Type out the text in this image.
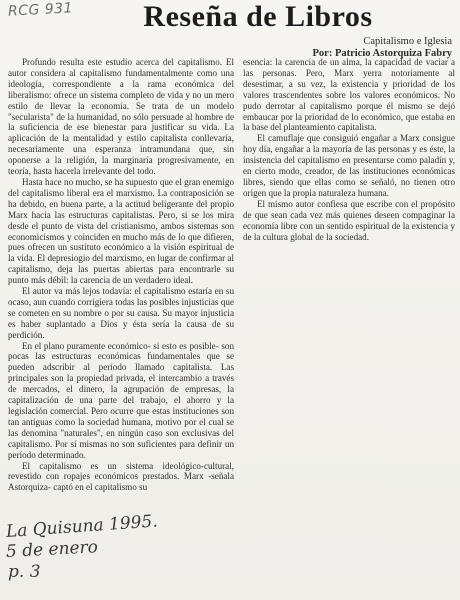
RCG 931	Reseña de Libros
Capitalismo e Iglesia
Por: Patricio Astorquiza Fabry

Profundo resulta este estudio acerca del capitalismo. El autor considera al capitalismo fundamentalmente como una ideología, correspondiente a la rama económica del liberalismo: ofrece un sistema completo de vida y no un mero estilo de llevar la economía. Se trata de un modelo "secularista" de la humanidad, no sólo persuade al hombre de la suficiencia de ese bienestar para justificar su vida. La aplicación de la mentalidad y estilo capitalista conllevaría, necesariamente una esperanza intramundana que, sin oponerse a la religión, la marginaría progresivamente, en teoría, hasta hacerla irrelevante del todo.

Hasta hace no mucho, se ha supuesto que el gran enemigo del capitalismo liberal era el marxismo. La contraposición se ha debido, en buena parte, a la actitud beligerante del propio Marx hacia las estructuras capitalistas. Pero, si se los mira desde el punto de vista del cristianismo, ambos sistemas son economicismos y coinciden en mucho más de lo que difieren, pues ofrecen un sustituto económico a la visión espiritual de la vida. El depresiogio del marxismo, en lugar de confirmar al capitalismo, deja las puertas abiertas para encontrarle su punto más débil: la carencia de un verdadero ideal.

El autor va más lejos todavía: el capitalismo estaría en su ocaso, aun cuando corrigiera todas las posibles injusticias que se cometen en su nombre o por su causa. Su mayor injusticia es haber suplantado a Dios y ésta sería la causa de su perdición.

En el plano puramente económico- si esto es posible- son pocas las estructuras económicas fundamentales que se pueden adscribir al período llamado capitalista. Las principales son la propiedad privada, el intercambio a través de mercados, el dinero, la agrupación de empresas, la capitalización de una parte del trabajo, el ahorro y la legislación comercial. Pero ocurre que estas instituciones son tan antiguas como la sociedad humana, motivo por el cual se las denomina "naturales", en ningún caso son exclusivas del capitalismo. Por sí mismas no son suficientes para definir un período determinado.

El capitalismo es un sistema ideológico-cultural, revestido con ropajes económicos prestados. Marx -señala Astorquiza- captó en el capitalismo su

esencia: la carencia de un alma, la capacidad de vaciar a las personas. Pero, Marx yerra notoriamente al desestimar, a su vez, la existencia y prioridad de los valores trascendentes sobre los valores económicos. No pudo derrotar al capitalismo porque él mismo se dejó embaucar por la prioridad de lo económico, que estaba en la base del planteamiento capitalista.

El camuflaje que consiguió engañar a Marx consigue hoy día, engañar a la mayoría de las personas y es éste, la insistencia del capitalismo en presentarse como paladín y, en cierto modo, creador, de las instituciones económicas libres, siendo que ellas como se señaló, no tienen otro origen que la propia naturaleza humana.

El mismo autor confiesa que escribe con el propósito de que sean cada vez más quienes deseen compaginar la economía libre con un sentido espiritual de la existencia y de la cultura global de la sociedad.

La Quisuna 1995.
5 de enero
p. 3
